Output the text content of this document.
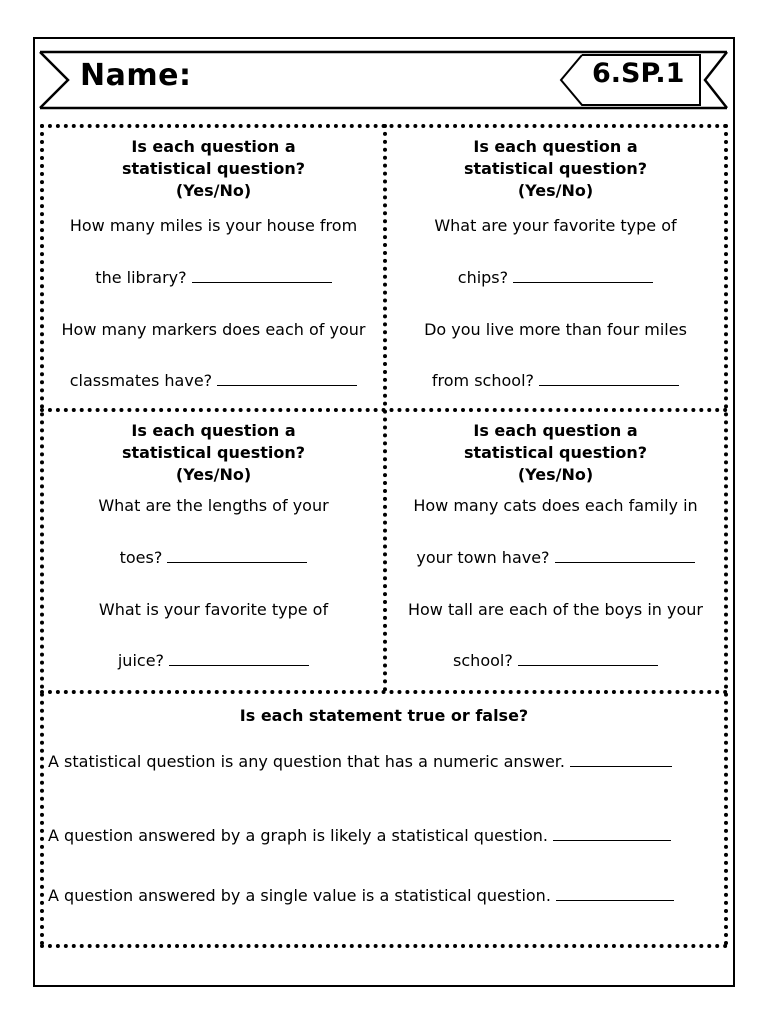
Name:	6.SP.1
Is each question a statistical question? (Yes/No)
How many miles is your house from
the library?
How many markers does each of your
classmates have?
Is each question a statistical question? (Yes/No)
What are your favorite type of
chips?
Do you live more than four miles
from school?
Is each question a statistical question? (Yes/No)
What are the lengths of your
toes?
What is your favorite type of
juice?
Is each question a statistical question? (Yes/No)
How many cats does each family in
your town have?
How tall are each of the boys in your
school?
Is each statement true or false?
A statistical question is any question that has a numeric answer.
A question answered by a graph is likely a statistical question.
A question answered by a single value is a statistical question.
